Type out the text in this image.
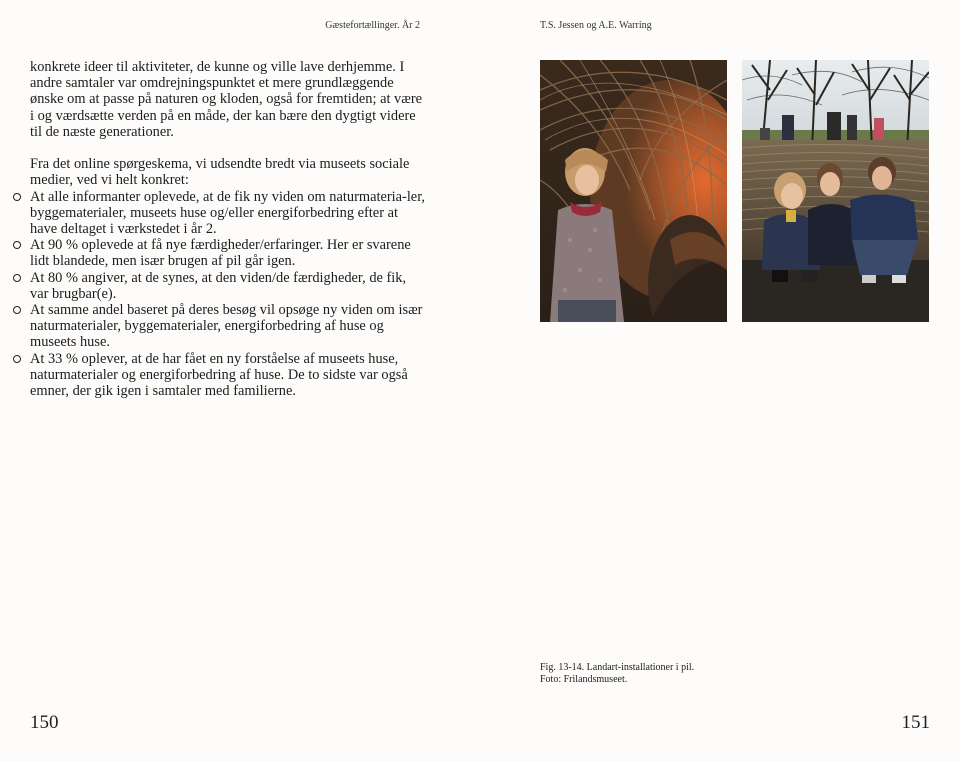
Gæstefortællinger. År 2

konkrete ideer til aktiviteter, de kunne og ville lave derhjemme. I andre samtaler var omdrejningspunktet et mere grundlæggende ønske om at passe på naturen og kloden, også for fremtiden; at være i og værdsætte verden på en måde, der kan bære den dygtigt videre til de næste generationer.

Fra det online spørgeskema, vi udsendte bredt via museets sociale medier, ved vi helt konkret:

At alle informanter oplevede, at de fik ny viden om naturmateria-ler, byggematerialer, museets huse og/eller energiforbedring efter at have deltaget i værkstedet i år 2.
At 90 % oplevede at få nye færdigheder/erfaringer. Her er svarene lidt blandede, men især brugen af pil går igen.
At 80 % angiver, at de synes, at den viden/de færdigheder, de fik, var brugbar(e).
At samme andel baseret på deres besøg vil opsøge ny viden om især naturmaterialer, byggematerialer, energiforbedring af huse og museets huse.
At 33 % oplever, at de har fået en ny forståelse af museets huse, naturmaterialer og energiforbedring af huse. De to sidste var også emner, der gik igen i samtaler med familierne.
150
T.S. Jessen og A.E. Warring
Fig. 13-14. Landart-installationer i pil.
Foto: Frilandsmuseet.
151
